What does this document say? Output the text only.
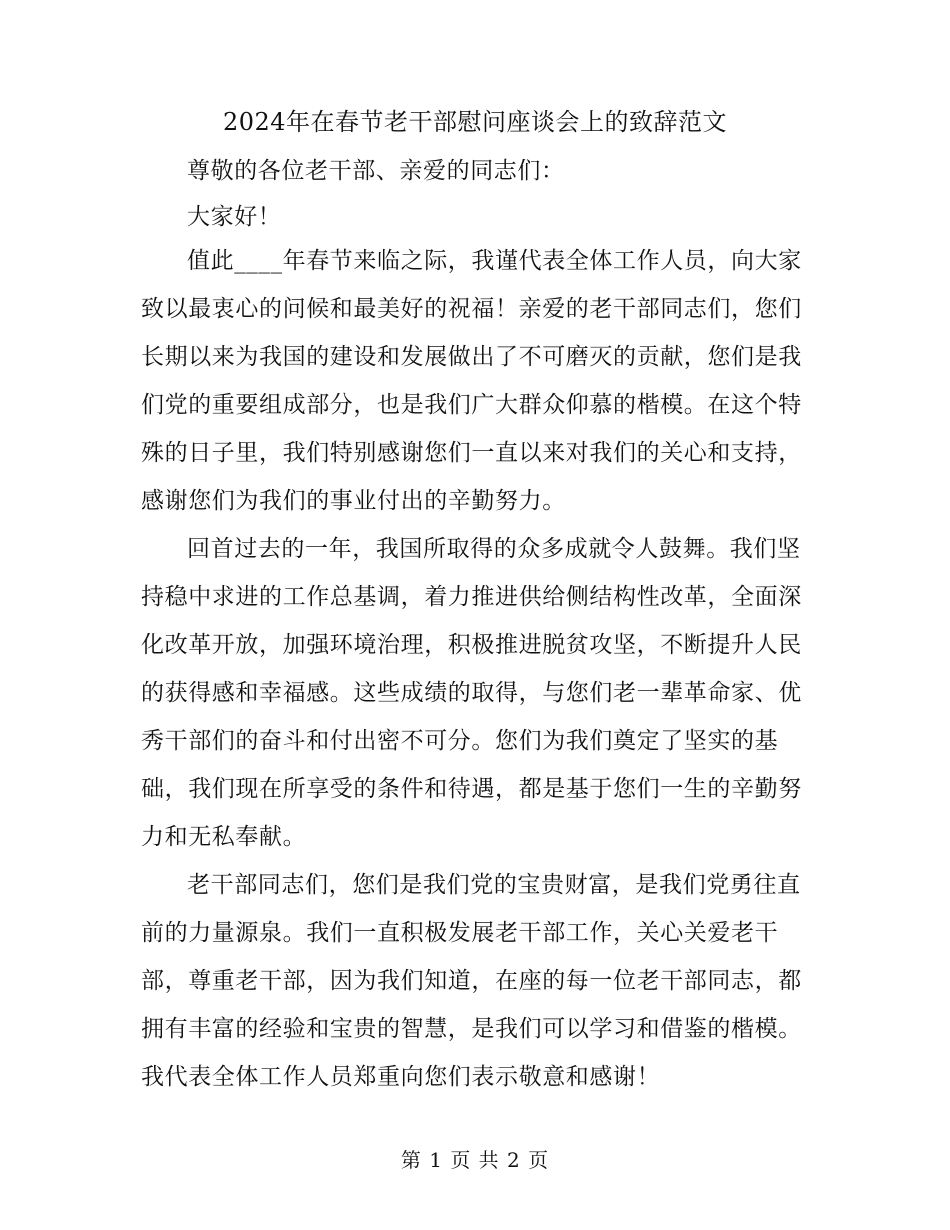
2024年在春节老干部慰问座谈会上的致辞范文
尊敬的各位老干部、亲爱的同志们：
大家好！
值此____年春节来临之际，我谨代表全体工作人员，向大家
致以最衷心的问候和最美好的祝福！亲爱的老干部同志们，您们
长期以来为我国的建设和发展做出了不可磨灭的贡献，您们是我
们党的重要组成部分，也是我们广大群众仰慕的楷模。在这个特
殊的日子里，我们特别感谢您们一直以来对我们的关心和支持，
感谢您们为我们的事业付出的辛勤努力。
回首过去的一年，我国所取得的众多成就令人鼓舞。我们坚
持稳中求进的工作总基调，着力推进供给侧结构性改革，全面深
化改革开放，加强环境治理，积极推进脱贫攻坚，不断提升人民
的获得感和幸福感。这些成绩的取得，与您们老一辈革命家、优
秀干部们的奋斗和付出密不可分。您们为我们奠定了坚实的基
础，我们现在所享受的条件和待遇，都是基于您们一生的辛勤努
力和无私奉献。
老干部同志们，您们是我们党的宝贵财富，是我们党勇往直
前的力量源泉。我们一直积极发展老干部工作，关心关爱老干
部，尊重老干部，因为我们知道，在座的每一位老干部同志，都
拥有丰富的经验和宝贵的智慧，是我们可以学习和借鉴的楷模。
我代表全体工作人员郑重向您们表示敬意和感谢！
第 1 页 共 2 页
